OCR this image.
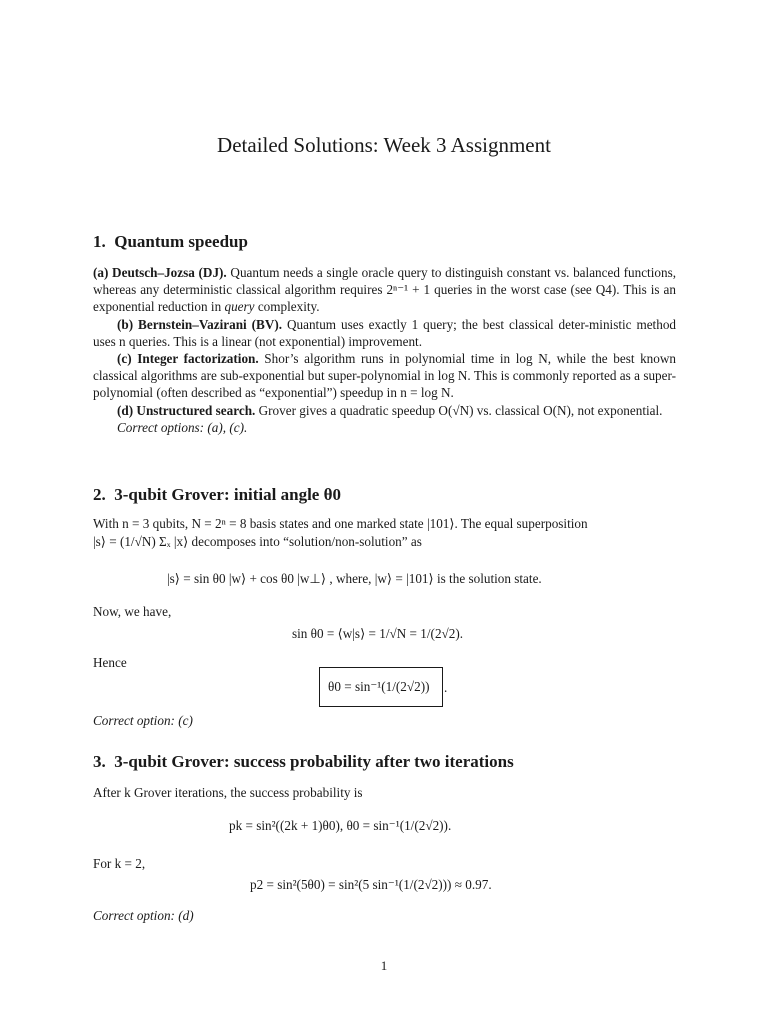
Detailed Solutions: Week 3 Assignment
1. Quantum speedup
(a) Deutsch–Jozsa (DJ). Quantum needs a single oracle query to distinguish constant vs. balanced functions, whereas any deterministic classical algorithm requires 2ⁿ⁻¹ + 1 queries in the worst case (see Q4). This is an exponential reduction in query complexity.
(b) Bernstein–Vazirani (BV). Quantum uses exactly 1 query; the best classical deter-ministic method uses n queries. This is a linear (not exponential) improvement.
(c) Integer factorization. Shor’s algorithm runs in polynomial time in log N, while the best known classical algorithms are sub-exponential but super-polynomial in log N. This is commonly reported as a super-polynomial (often described as “exponential”) speedup in n = log N.
(d) Unstructured search. Grover gives a quadratic speedup O(√N) vs. classical O(N), not exponential.
Correct options: (a), (c).
2. 3-qubit Grover: initial angle θ0
With n = 3 qubits, N = 2ⁿ = 8 basis states and one marked state |101⟩. The equal superposition
|s⟩ = (1/√N) Σₓ |x⟩ decomposes into “solution/non-solution” as
|s⟩ = sin θ0 |w⟩ + cos θ0 |w⊥⟩ , where, |w⟩ = |101⟩ is the solution state.
Now, we have,
sin θ0 = ⟨w|s⟩ = 1/√N = 1/(2√2).
Hence
θ0 = sin⁻¹(1/(2√2)) .
Correct option: (c)
3. 3-qubit Grover: success probability after two iterations
After k Grover iterations, the success probability is
pk = sin²((2k + 1)θ0), θ0 = sin⁻¹(1/(2√2)).
For k = 2,
p2 = sin²(5θ0) = sin²(5 sin⁻¹(1/(2√2))) ≈ 0.97.
Correct option: (d)
1
